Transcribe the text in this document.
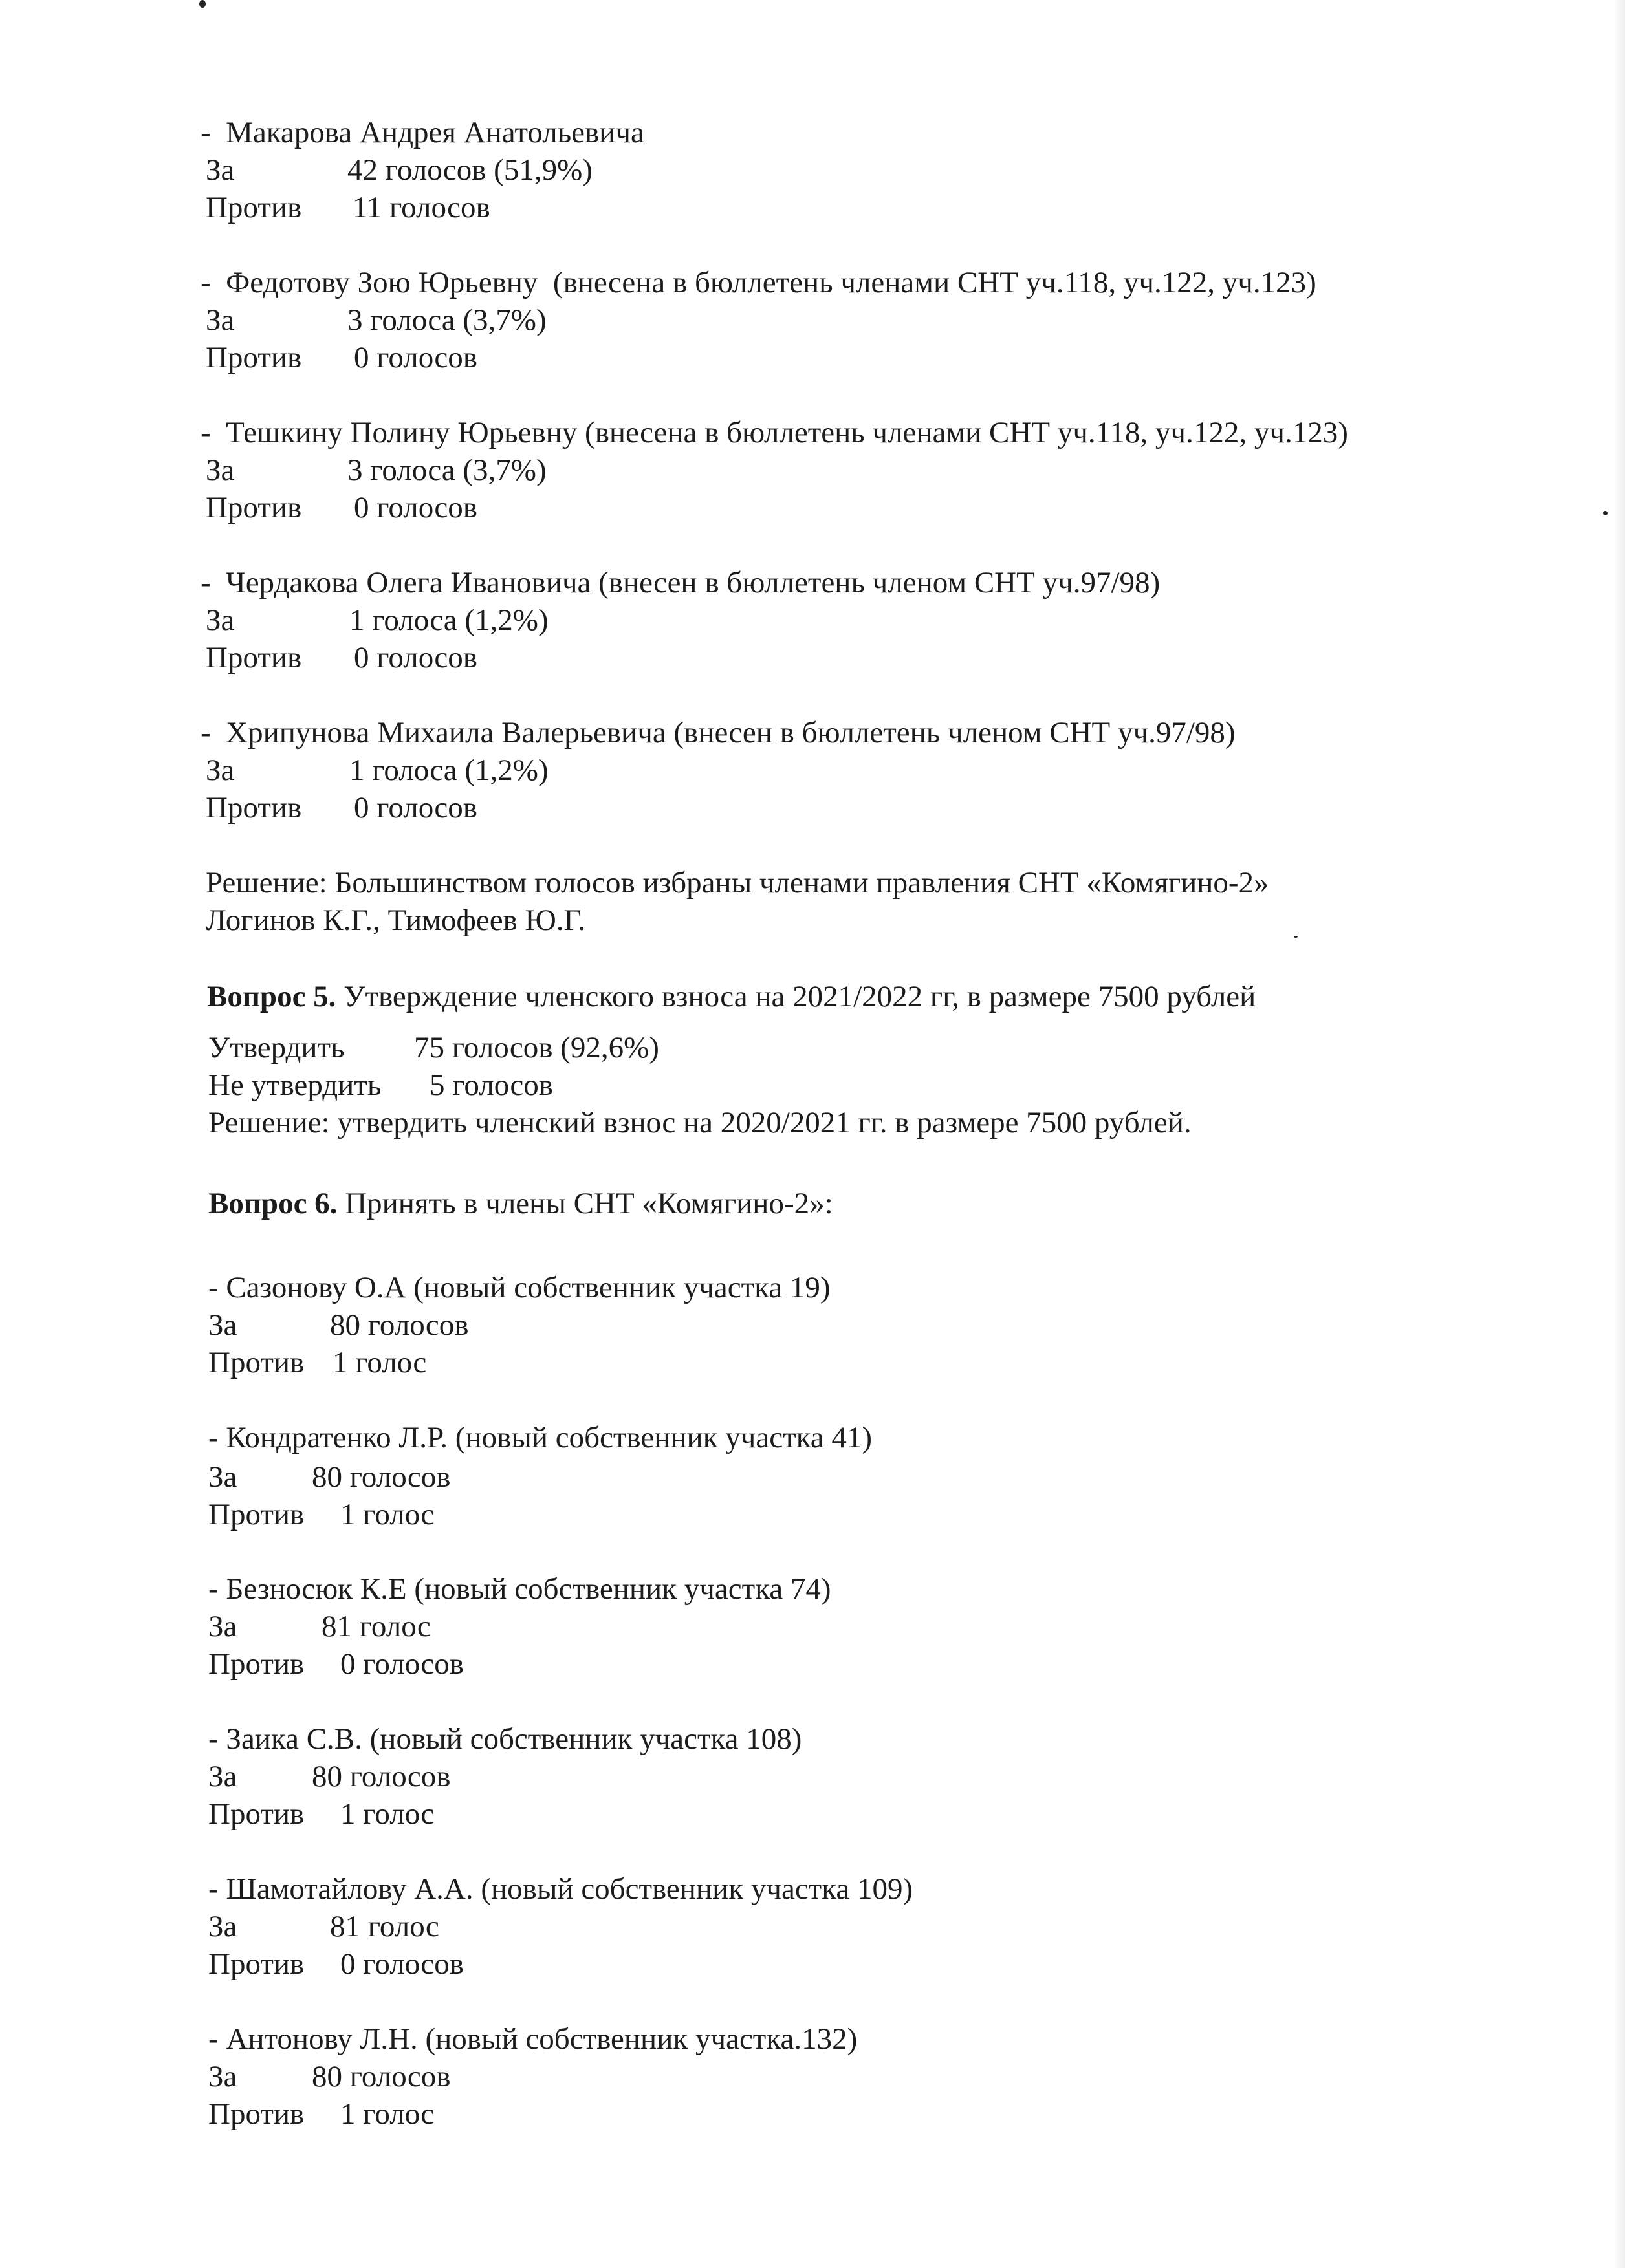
-  Макарова Андрея Анатольевича
За	42 голосов (51,9%)
Против 11 голосов
-  Федотову Зою Юрьевну  (внесена в бюллетень членами СНТ уч.118, уч.122, уч.123)
За	3 голоса (3,7%)
Против 0 голосов
-  Тешкину Полину Юрьевну (внесена в бюллетень членами СНТ уч.118, уч.122, уч.123)
За	3 голоса (3,7%)
Против 0 голосов
-  Чердакова Олега Ивановича (внесен в бюллетень членом СНТ уч.97/98)
За	1 голоса (1,2%)
Против 0 голосов
-  Хрипунова Михаила Валерьевича (внесен в бюллетень членом СНТ уч.97/98)
За	1 голоса (1,2%)
Против 0 голосов
Решение: Большинством голосов избраны членами правления СНТ «Комягино-2»
Логинов К.Г., Тимофеев Ю.Г.
Вопрос 5. Утверждение членского взноса на 2021/2022 гг, в размере 7500 рублей
Утвердить 75 голосов (92,6%)
Не утвердить 5 голосов
Решение: утвердить членский взнос на 2020/2021 гг. в размере 7500 рублей.
Вопрос 6. Принять в члены СНТ «Комягино-2»:
- Сазонову О.А (новый собственник участка 19)
За	80 голосов
Против 1 голос
- Кондратенко Л.Р. (новый собственник участка 41)
За 80 голосов
Против 1 голос
- Безносюк К.Е (новый собственник участка 74)
За	81 голос
Против 0 голосов
- Заика С.В. (новый собственник участка 108)
За 80 голосов
Против 1 голос
- Шамотайлову А.А. (новый собственник участка 109)
За	81 голос
Против 0 голосов
- Антонову Л.Н. (новый собственник участка.132)
За 80 голосов
Против 1 голос
